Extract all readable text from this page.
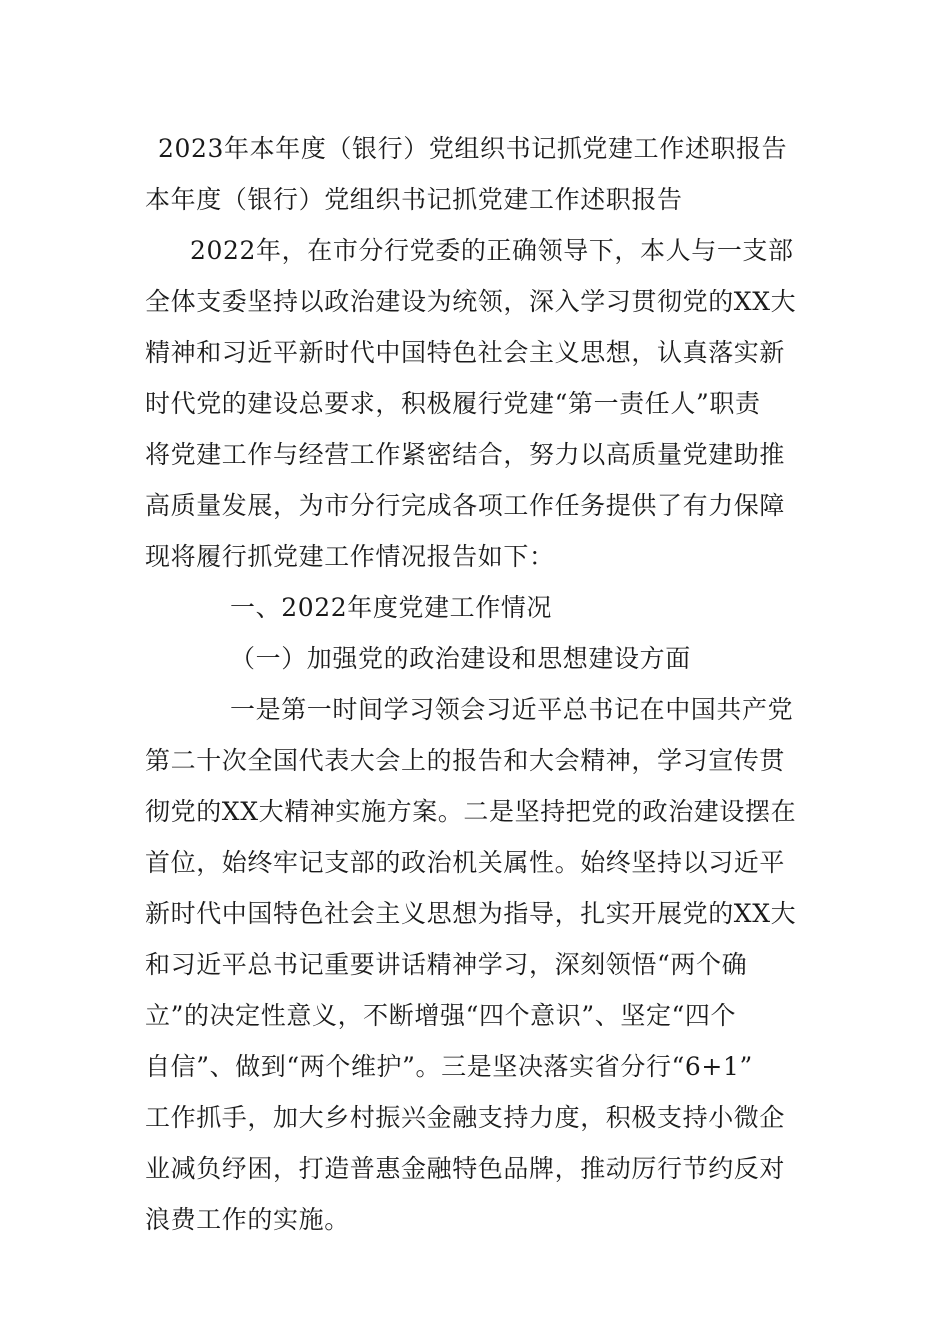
2023年本年度（银行）党组织书记抓党建工作述职报告
本年度（银行）党组织书记抓党建工作述职报告
2022年，在市分行党委的正确领导下，本人与一支部
全体支委坚持以政治建设为统领，深入学习贯彻党的XX大
精神和习近平新时代中国特色社会主义思想，认真落实新
时代党的建设总要求，积极履行党建“第一责任人”职责
将党建工作与经营工作紧密结合，努力以高质量党建助推
高质量发展，为市分行完成各项工作任务提供了有力保障
现将履行抓党建工作情况报告如下：
一、2022年度党建工作情况
（一）加强党的政治建设和思想建设方面
一是第一时间学习领会习近平总书记在中国共产党
第二十次全国代表大会上的报告和大会精神，学习宣传贯
彻党的XX大精神实施方案。二是坚持把党的政治建设摆在
首位，始终牢记支部的政治机关属性。始终坚持以习近平
新时代中国特色社会主义思想为指导，扎实开展党的XX大
和习近平总书记重要讲话精神学习，深刻领悟“两个确
立”的决定性意义，不断增强“四个意识”、坚定“四个
自信”、做到“两个维护”。三是坚决落实省分行“6+1”
工作抓手，加大乡村振兴金融支持力度，积极支持小微企
业减负纾困，打造普惠金融特色品牌，推动厉行节约反对
浪费工作的实施。
